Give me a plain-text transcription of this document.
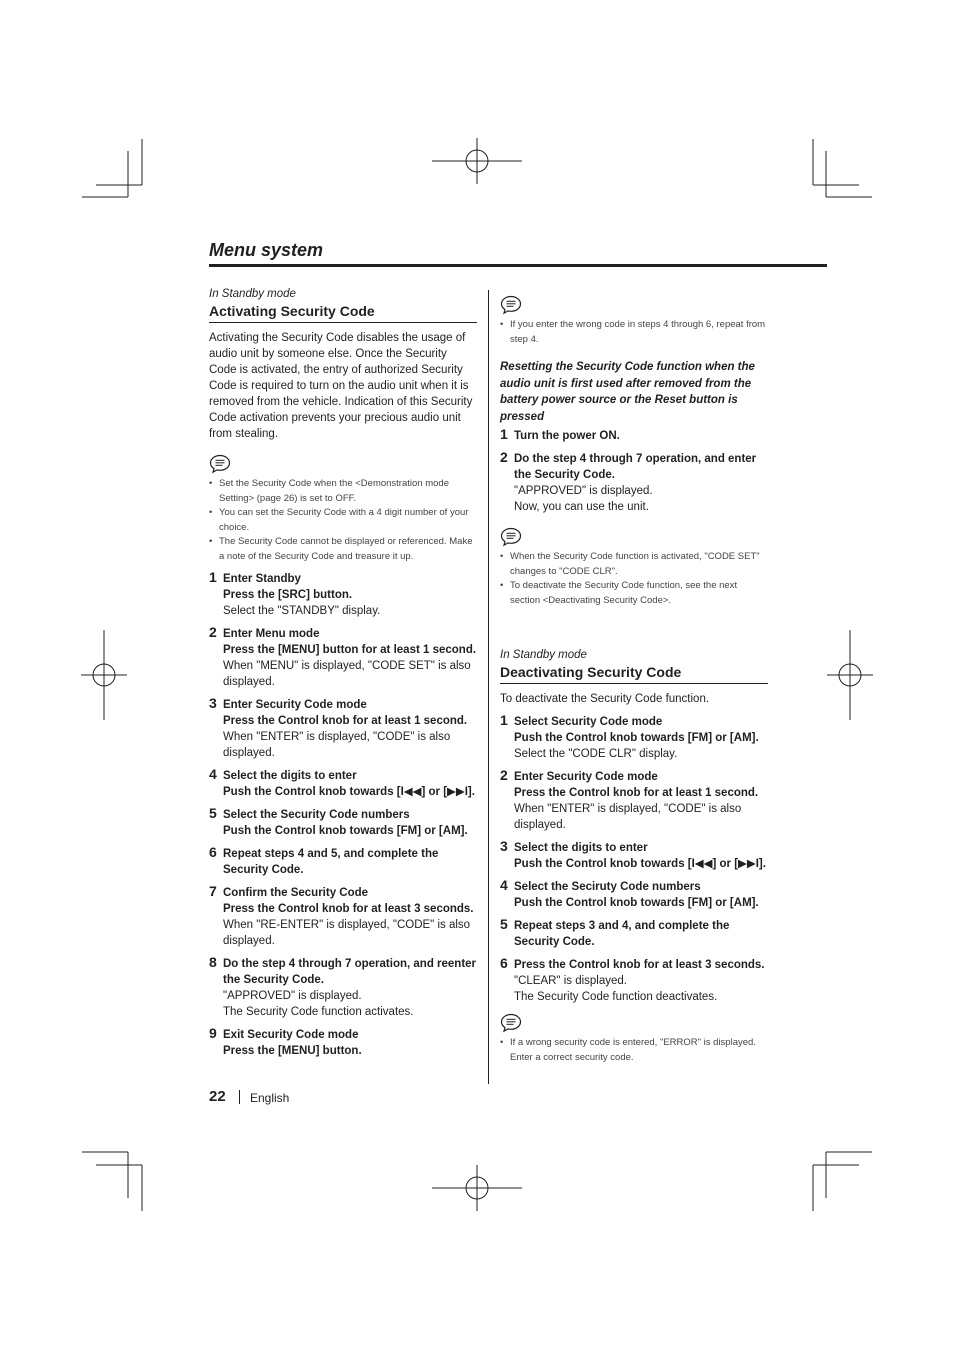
Menu system
In Standby mode
Activating Security Code

Activating the Security Code disables the usage of audio unit by someone else. Once the Security Code is activated, the entry of authorized Security Code is required to turn on the audio unit when it is removed from the vehicle. Indication of this Security Code activation prevents your precious audio unit from stealing.

• Set the Security Code when the <Demonstration mode Setting> (page 26) is set to OFF.
• You can set the Security Code with a 4 digit number of your choice.
• The Security Code cannot be displayed or referenced. Make a note of the Security Code and treasure it up.
1 Enter Standby
Press the [SRC] button.
Select the "STANDBY" display.
2 Enter Menu mode
Press the [MENU] button for at least 1 second.
When "MENU" is displayed, "CODE SET" is also displayed.
3 Enter Security Code mode
Press the Control knob for at least 1 second.
When "ENTER" is displayed, "CODE" is also displayed.
4 Select the digits to enter
Push the Control knob towards [I◀◀] or [▶▶I].
5 Select the Security Code numbers
Push the Control knob towards [FM] or [AM].
6 Repeat steps 4 and 5, and complete the Security Code.
7 Confirm the Security Code
Press the Control knob for at least 3 seconds.
When "RE-ENTER" is displayed, "CODE" is also displayed.
8 Do the step 4 through 7 operation, and reenter the Security Code.
"APPROVED" is displayed.
The Security Code function activates.
9 Exit Security Code mode
Press the [MENU] button.
• If you enter the wrong code in steps 4 through 6, repeat from step 4.
Resetting the Security Code function when the audio unit is first used after removed from the battery power source or the Reset button is pressed
1 Turn the power ON.
2 Do the step 4 through 7 operation, and enter the Security Code.
"APPROVED" is displayed.
Now, you can use the unit.
• When the Security Code function is activated, "CODE SET" changes to "CODE CLR".
• To deactivate the Security Code function, see the next section <Deactivating Security Code>.
In Standby mode
Deactivating Security Code

To deactivate the Security Code function.

1 Select Security Code mode
Push the Control knob towards [FM] or [AM].
Select the "CODE CLR" display.
2 Enter Security Code mode
Press the Control knob for at least 1 second.
When "ENTER" is displayed, "CODE" is also displayed.
3 Select the digits to enter
Push the Control knob towards [I◀◀] or [▶▶I].
4 Select the Seciruty Code numbers
Push the Control knob towards [FM] or [AM].
5 Repeat steps 3 and 4, and complete the Security Code.
6 Press the Control knob for at least 3 seconds.
"CLEAR" is displayed.
The Security Code function deactivates.
• If a wrong security code is entered, "ERROR" is displayed. Enter a correct security code.
22 English
